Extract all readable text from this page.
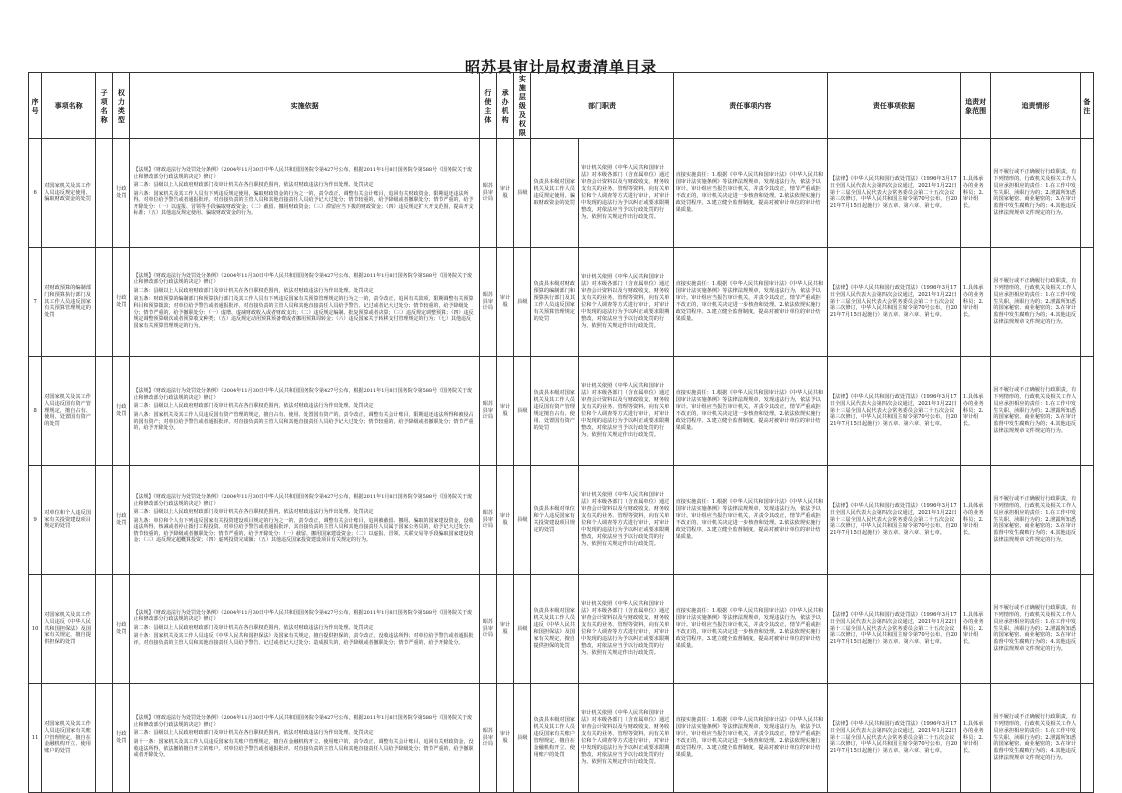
昭苏县审计局权责清单目录
序号	事项名称	子项名称	权力类型	实施依据	行使主体	承办机构	实施层级及权限	部门职责		责任事项内容	责任事项依据	追责对象范围	追责情形	备注
6	对国家机关及其工作人员违反规定使用、骗取财政资金的处罚		行政处罚	【法规】《财政违法行为处罚处分条例》（2004年11月30日中华人民共和国国务院令第427号公布，根据2011年1月8日国务院令第588号《国务院关于废止和修改部分行政法规的决定》修订）

第二条：县级以上人民政府财政部门及审计机关在各自职权范围内，依法对财政违法行为作出处理、处罚决定

第六条：国家机关及其工作人员有下列违反规定使用、骗取财政资金的行为之一的，责令改正，调整有关会计账目，追回有关财政资金，限期退还违法所得。对单位给予警告或者通报批评。对直接负责的主管人员和其他直接责任人员给予记大过处分；情节较重的，给予降级或者撤职处分；情节严重的，给予开除处分：（一）以虚报、冒领等手段骗取财政资金；（二）截留、挪用财政资金；（三）滞留应当下拨的财政资金；（四）违反规定扩大开支范围，提高开支标准；（五）其他违反规定使用、骗取财政资金的行为。	昭苏县审计局	审计股	县级	负责县本级对国家机关及其工作人员违反规定使用、骗取财政资金的处罚	审计机关依照《中华人民共和国审计法》对本级各部门（含直属单位）通过审查会计资料以及与财政收支、财务收支有关的业务、管理等资料，向有关单位和个人调查等方式进行审计，对审计中发现的违法行为予以纠正或要求限期整改，对依法应当予以行政处罚的行为，依照有关规定作出行政处罚。	直接实施责任：1.根据《中华人民共和国审计法》《中华人民共和国审计法实施条例》等法律法规规章，发现违法行为，依法予以审计。审计组应当报告审计机关，并责令其改正，情节严重或拒不改正的，审计机关决定进一步核查和处理。2.依法依规实施行政处罚程序。3.建立健全监督制度，提高对被审计单位的审计结果质量。	【法律】《中华人民共和国行政处罚法》（1996年3月17日全国人民代表大会第四次会议通过，2021年1月22日第十三届全国人民代表大会常务委员会第二十五次会议第三次修订，中华人民共和国主席令第70号公布，自2021年7月15日起施行）第五章、第六章、第七章。	1.具体承办的业务科员；2.审计组长。	因不履行或不正确履行行政职责，有下列情形的，行政机关及相关工作人员应承担相应的责任：1.在工作中发生失职、渎职行为的；2.泄露所知悉的国家秘密、商业秘密的；3.在审计监督中发生腐败行为的；4.其他违反法律法规规章文件规定的行为。	
7	对财政预算的编制部门和预算执行部门及其工作人员违反国家有关预算管理规定的处罚		行政处罚	【法规】《财政违法行为处罚处分条例》（2004年11月30日中华人民共和国国务院令第427号公布，根据2011年1月8日国务院令第588号《国务院关于废止和修改部分行政法规的决定》修订）

第二条：县级以上人民政府财政部门及审计机关在各自职权范围内，依法对财政违法行为作出处理、处罚决定

第五条：财政预算的编制部门和预算执行部门及其工作人员有下列违反国家有关预算管理规定的行为之一的，责令改正，追回有关款项，限期调整有关预算科目和预算拨款；对单位给予警告或者通报批评。对直接负责的主管人员和其他直接责任人员给予警告、记过或者记大过处分；情节较重的，给予降级处分；情节严重的，给予撤职处分：（一）虚增、虚减财政收入或者财政支出；（二）违反规定编制、批复预算或者决算；（三）违反规定调整预算；（四）违反规定调整预算级次或者预算收支种类；（五）违反规定动用预算预备费或者挪用预算周转金；（六）违反国家关于转移支付管理规定的行为；（七）其他违反国家有关预算管理规定的行为。	昭苏县审计局	审计股	县级	负责县本级对财政预算的编制部门和预算执行部门及其工作人员违反国家有关预算管理规定的处罚	审计机关依照《中华人民共和国审计法》对本级各部门（含直属单位）通过审查会计资料以及与财政收支、财务收支有关的业务、管理等资料，向有关单位和个人调查等方式进行审计，对审计中发现的违法行为予以纠正或要求限期整改，对依法应当予以行政处罚的行为，依照有关规定作出行政处罚。	直接实施责任：1.根据《中华人民共和国审计法》《中华人民共和国审计法实施条例》等法律法规规章，发现违法行为，依法予以审计。审计组应当报告审计机关，并责令其改正，情节严重或拒不改正的，审计机关决定进一步核查和处理。2.依法依规实施行政处罚程序。3.建立健全监督制度，提高对被审计单位的审计结果质量。	【法律】《中华人民共和国行政处罚法》（1996年3月17日全国人民代表大会第四次会议通过，2021年1月22日第十三届全国人民代表大会常务委员会第二十五次会议第三次修订，中华人民共和国主席令第70号公布，自2021年7月15日起施行）第五章、第六章、第七章。	1.具体承办的业务科员；2.审计组长。	因不履行或不正确履行行政职责，有下列情形的，行政机关及相关工作人员应承担相应的责任：1.在工作中发生失职、渎职行为的；2.泄露所知悉的国家秘密、商业秘密的；3.在审计监督中发生腐败行为的；4.其他违反法律法规规章文件规定的行为。	
8	对国家机关及其工作人员违反国有资产管理规定，擅自占有、使用、处置国有资产的处罚		行政处罚	【法规】《财政违法行为处罚处分条例》（2004年11月30日中华人民共和国国务院令第427号公布，根据2011年1月8日国务院令第588号《国务院关于废止和修改部分行政法规的决定》修订）

第二条：县级以上人民政府财政部门及审计机关在各自职权范围内，依法对财政违法行为作出处理、处罚决定

第八条：国家机关及其工作人员违反国有资产管理的规定，擅自占有、使用、处置国有资产的，责令改正，调整有关会计账目，限期退还违法所得和被侵占的国有资产；对单位给予警告或者通报批评。对直接负责的主管人员和其他直接责任人员给予记大过处分；情节较重的，给予降级或者撤职处分；情节严重的，给予开除处分。	昭苏县审计局	审计股	县级	负责县本级对国家机关及其工作人员违反国有资产管理规定擅自占有、使用、处置国有资产的处罚	审计机关依照《中华人民共和国审计法》对本级各部门（含直属单位）通过审查会计资料以及与财政收支、财务收支有关的业务、管理等资料，向有关单位和个人调查等方式进行审计，对审计中发现的违法行为予以纠正或要求限期整改，对依法应当予以行政处罚的行为，依照有关规定作出行政处罚。	直接实施责任：1.根据《中华人民共和国审计法》《中华人民共和国审计法实施条例》等法律法规规章，发现违法行为，依法予以审计。审计组应当报告审计机关，并责令其改正，情节严重或拒不改正的，审计机关决定进一步核查和处理。2.依法依规实施行政处罚程序。3.建立健全监督制度，提高对被审计单位的审计结果质量。	【法律】《中华人民共和国行政处罚法》（1996年3月17日全国人民代表大会第四次会议通过，2021年1月22日第十三届全国人民代表大会常务委员会第二十五次会议第三次修订，中华人民共和国主席令第70号公布，自2021年7月15日起施行）第五章、第六章、第七章。	1.具体承办的业务科员；2.审计组长。	因不履行或不正确履行行政职责，有下列情形的，行政机关及相关工作人员应承担相应的责任：1.在工作中发生失职、渎职行为的；2.泄露所知悉的国家秘密、商业秘密的；3.在审计监督中发生腐败行为的；4.其他违反法律法规规章文件规定的行为。	
9	对单位和个人违反国家有关投资建设项目规定的处罚		行政处罚	【法规】《财政违法行为处罚处分条例》（2004年11月30日中华人民共和国国务院令第427号公布，根据2011年1月8日国务院令第588号《国务院关于废止和修改部分行政法规的决定》修订）

第二条：县级以上人民政府财政部门及审计机关在各自职权范围内，依法对财政违法行为作出处理、处罚决定

第九条：单位和个人有下列违反国家有关投资建设项目规定的行为之一的，责令改正，调整有关会计账目，追回被截留、挪用、骗取的国家建设资金，没收违法所得，核减或者停止拨付工程投资。对单位给予警告或者通报批评，其直接负责的主管人员和其他直接责任人员属于国家公务员的，给予记大过处分；情节较重的，给予降级或者撤职处分；情节严重的，给予开除处分：（一）截留、挪用国家建设资金；（二）以虚报、冒领、关联交易等手段骗取国家建设资金；（三）违反规定超概算投资；（四）虚列投资完成额；（五）其他违反国家投资建设项目有关规定的行为。	昭苏县审计局	审计股	县级	负责县本级对单位和个人违反国家有关投资建设项目规定的处罚	审计机关依照《中华人民共和国审计法》对本级各部门（含直属单位）通过审查会计资料以及与财政收支、财务收支有关的业务、管理等资料，向有关单位和个人调查等方式进行审计，对审计中发现的违法行为予以纠正或要求限期整改，对依法应当予以行政处罚的行为，依照有关规定作出行政处罚。	直接实施责任：1.根据《中华人民共和国审计法》《中华人民共和国审计法实施条例》等法律法规规章，发现违法行为，依法予以审计。审计组应当报告审计机关，并责令其改正，情节严重或拒不改正的，审计机关决定进一步核查和处理。2.依法依规实施行政处罚程序。3.建立健全监督制度，提高对被审计单位的审计结果质量。	【法律】《中华人民共和国行政处罚法》（1996年3月17日全国人民代表大会第四次会议通过，2021年1月22日第十三届全国人民代表大会常务委员会第二十五次会议第三次修订，中华人民共和国主席令第70号公布，自2021年7月15日起施行）第五章、第六章、第七章。	1.具体承办的业务科员；2.审计组长。	因不履行或不正确履行行政职责，有下列情形的，行政机关及相关工作人员应承担相应的责任：1.在工作中发生失职、渎职行为的；2.泄露所知悉的国家秘密、商业秘密的；3.在审计监督中发生腐败行为的；4.其他违反法律法规规章文件规定的行为。	
10	对国家机关及其工作人员违反《中华人民共和国担保法》及国家有关规定，擅自提供担保的处罚		行政处罚	【法规】《财政违法行为处罚处分条例》（2004年11月30日中华人民共和国国务院令第427号公布，根据2011年1月8日国务院令第588号《国务院关于废止和修改部分行政法规的决定》修订）

第二条：县级以上人民政府财政部门及审计机关在各自职权范围内，依法对财政违法行为作出处理、处罚决定

第十条：国家机关及其工作人员违反《中华人民共和国担保法》及国家有关规定，擅自提供担保的，责令改正，没收违法所得；对单位给予警告或者通报批评。对直接负责的主管人员和其他直接责任人员给予警告、记过或者记大过处分；造成损失的，给予降级或者撤职处分；情节严重的，给予开除处分。	昭苏县审计局	审计股	县级	负责县本级对国家机关及其工作人员违反《中华人民共和国担保法》及国家有关规定，擅自提供担保的处罚	审计机关依照《中华人民共和国审计法》对本级各部门（含直属单位）通过审查会计资料以及与财政收支、财务收支有关的业务、管理等资料，向有关单位和个人调查等方式进行审计，对审计中发现的违法行为予以纠正或要求限期整改，对依法应当予以行政处罚的行为，依照有关规定作出行政处罚。	直接实施责任：1.根据《中华人民共和国审计法》《中华人民共和国审计法实施条例》等法律法规规章，发现违法行为，依法予以审计。审计组应当报告审计机关，并责令其改正，情节严重或拒不改正的，审计机关决定进一步核查和处理。2.依法依规实施行政处罚程序。3.建立健全监督制度，提高对被审计单位的审计结果质量。	【法律】《中华人民共和国行政处罚法》（1996年3月17日全国人民代表大会第四次会议通过，2021年1月22日第十三届全国人民代表大会常务委员会第二十五次会议第三次修订，中华人民共和国主席令第70号公布，自2021年7月15日起施行）第五章、第六章、第七章。	1.具体承办的业务科员；2.审计组长。	因不履行或不正确履行行政职责，有下列情形的，行政机关及相关工作人员应承担相应的责任：1.在工作中发生失职、渎职行为的；2.泄露所知悉的国家秘密、商业秘密的；3.在审计监督中发生腐败行为的；4.其他违反法律法规规章文件规定的行为。	
11	对国家机关及其工作人员违反国家有关账户管理规定，擅自在金融机构开立、使用账户的处罚		行政处罚	【法规】《财政违法行为处罚处分条例》（2004年11月30日中华人民共和国国务院令第427号公布，根据2011年1月8日国务院令第588号《国务院关于废止和修改部分行政法规的决定》修订）

第二条：县级以上人民政府财政部门及审计机关在各自职权范围内，依法对财政违法行为作出处理、处罚决定

第十一条：国家机关及其工作人员违反国家有关账户管理规定，擅自在金融机构开立、使用账户的，责令改正，调整有关会计账目，追回有关财政资金，没收违法所得，依法撤销擅自开立的账户。对单位给予警告或者通报批评。对直接负责的主管人员和其他直接责任人员给予降级处分；情节严重的，给予撤职或者开除处分。	昭苏县审计局	审计股	县级	负责县本级对国家机关及其工作人员违反国家有关账户管理规定，擅自在金融机构开立、使用账户的处罚	审计机关依照《中华人民共和国审计法》对本级各部门（含直属单位）通过审查会计资料以及与财政收支、财务收支有关的业务、管理等资料，向有关单位和个人调查等方式进行审计，对审计中发现的违法行为予以纠正或要求限期整改，对依法应当予以行政处罚的行为，依照有关规定作出行政处罚。	直接实施责任：1.根据《中华人民共和国审计法》《中华人民共和国审计法实施条例》等法律法规规章，发现违法行为，依法予以审计。审计组应当报告审计机关，并责令其改正，情节严重或拒不改正的，审计机关决定进一步核查和处理。2.依法依规实施行政处罚程序。3.建立健全监督制度，提高对被审计单位的审计结果质量。	【法律】《中华人民共和国行政处罚法》（1996年3月17日全国人民代表大会第四次会议通过，2021年1月22日第十三届全国人民代表大会常务委员会第二十五次会议第三次修订，中华人民共和国主席令第70号公布，自2021年7月15日起施行）第五章、第六章、第七章。	1.具体承办的业务科员；2.审计组长。	因不履行或不正确履行行政职责，有下列情形的，行政机关及相关工作人员应承担相应的责任：1.在工作中发生失职、渎职行为的；2.泄露所知悉的国家秘密、商业秘密的；3.在审计监督中发生腐败行为的；4.其他违反法律法规规章文件规定的行为。	
